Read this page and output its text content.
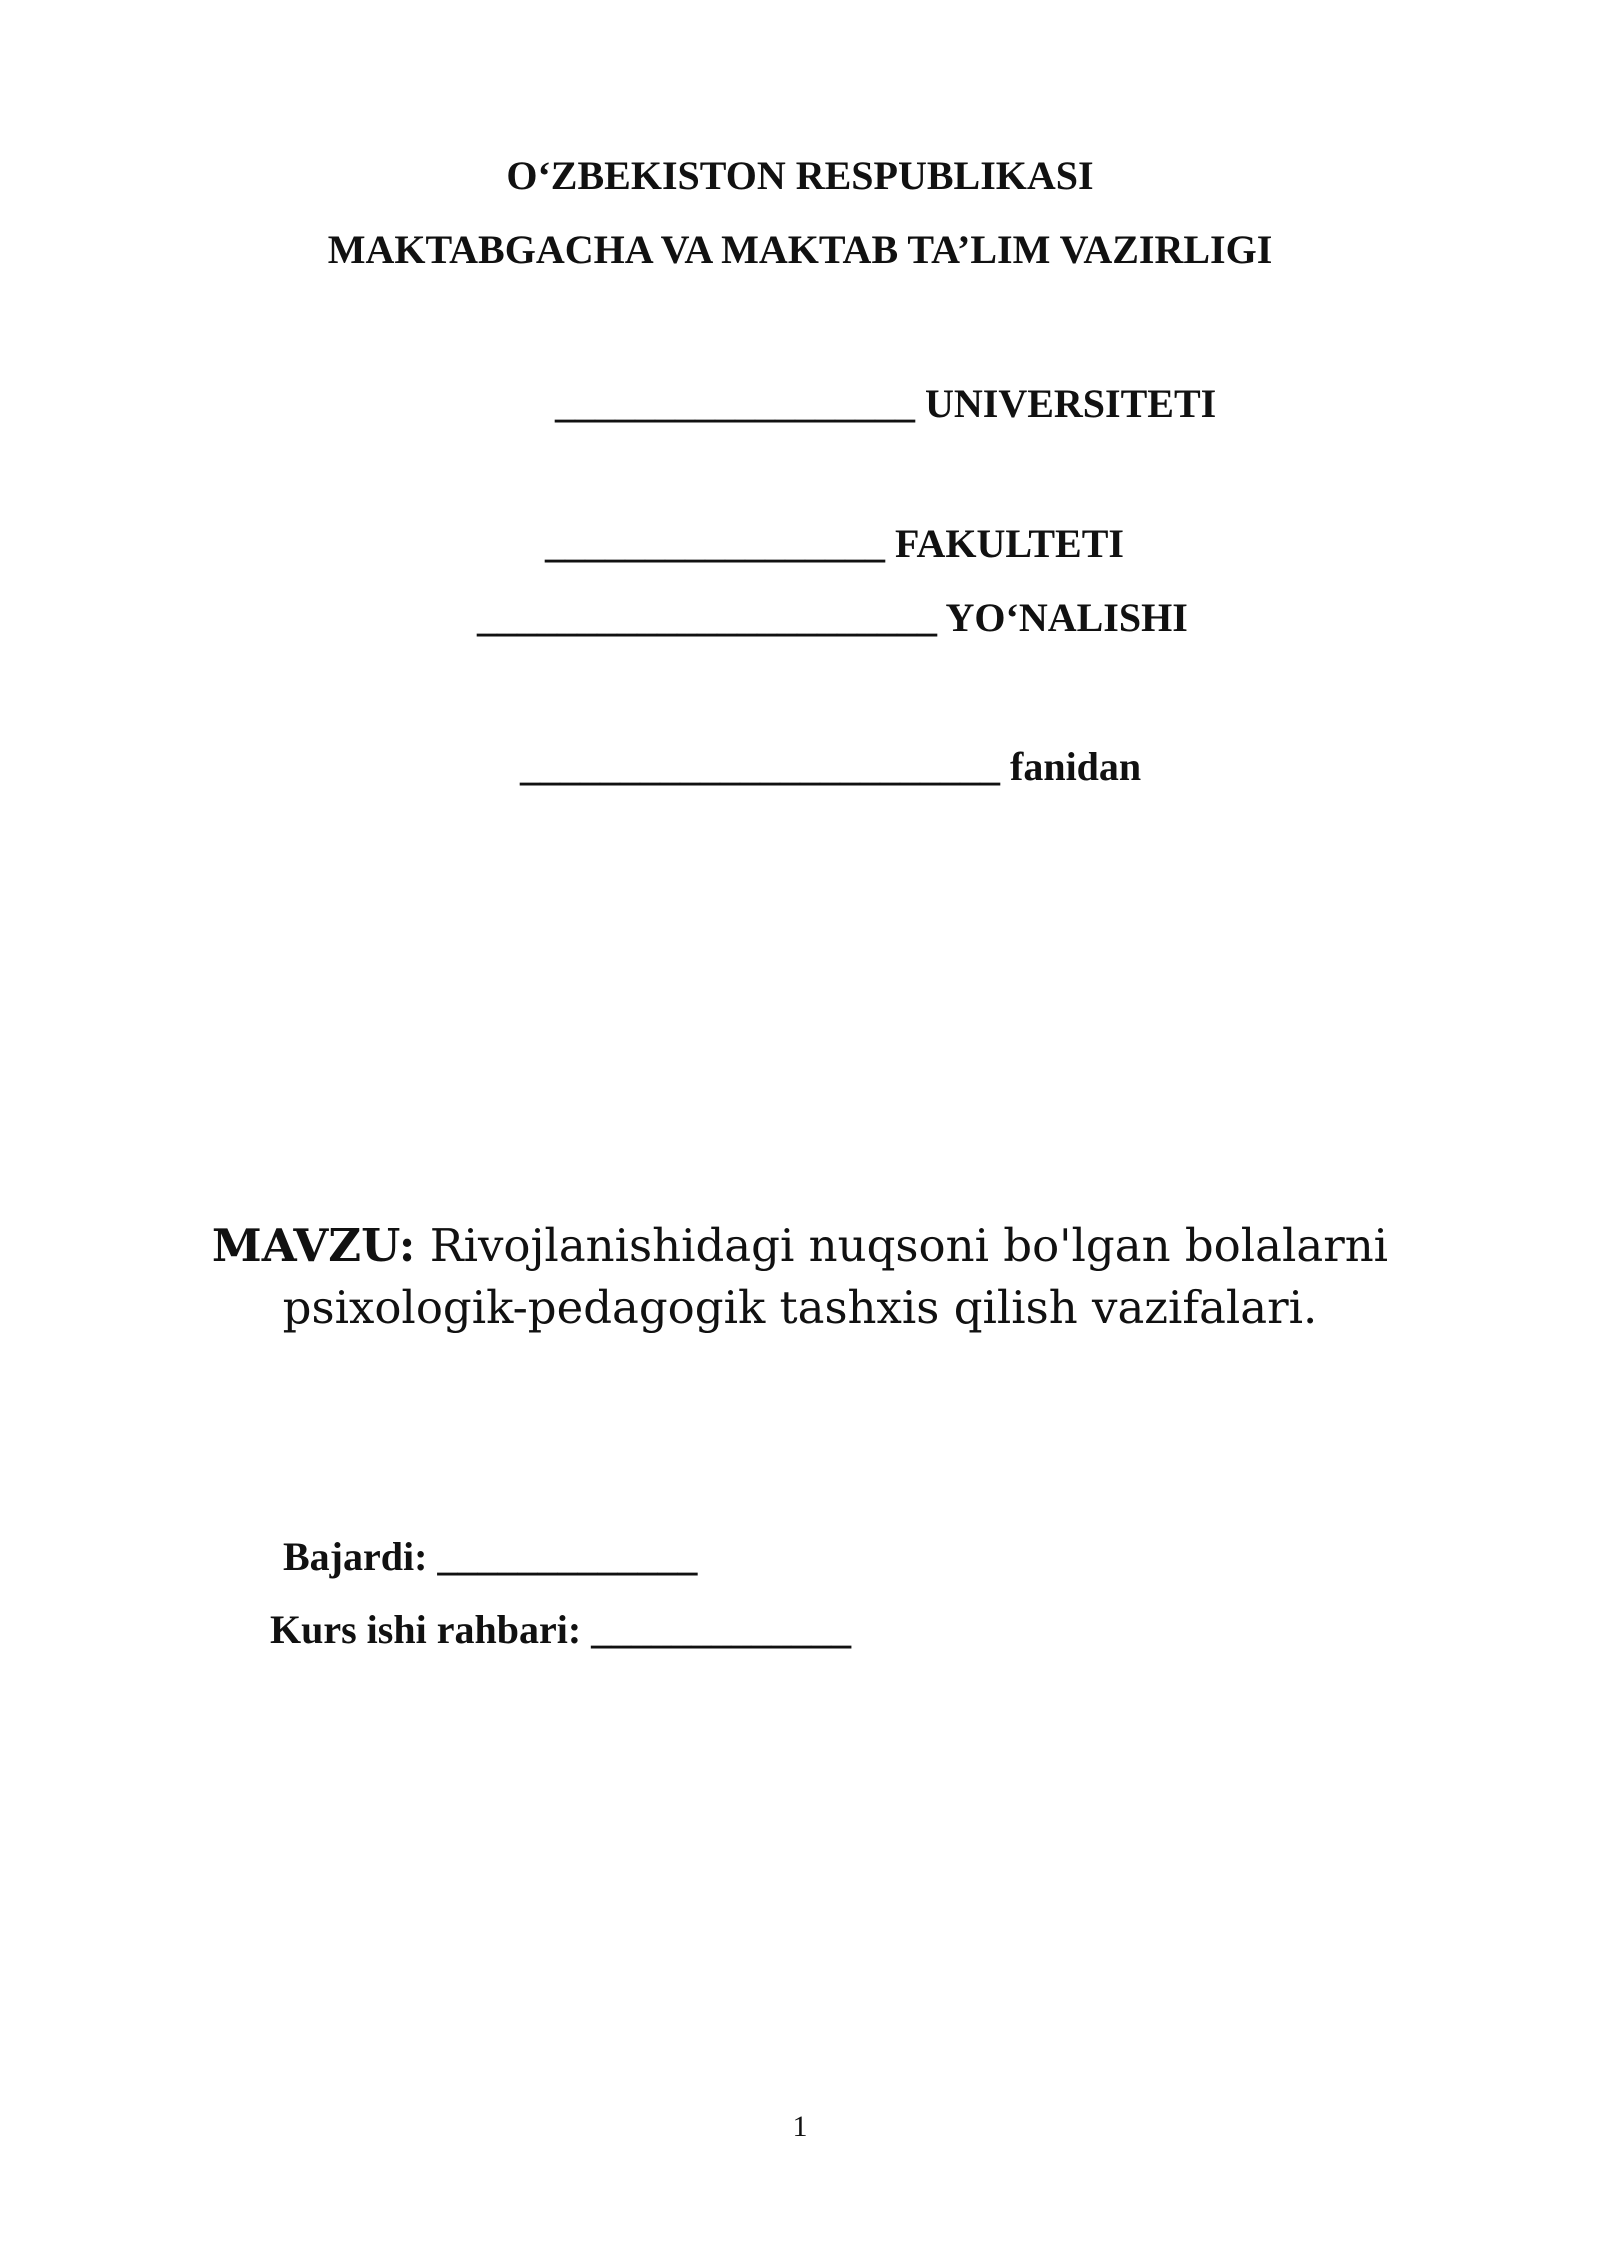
O‘ZBEKISTON RESPUBLIKASI
MAKTABGACHA VA MAKTAB TA’LIM VAZIRLIGI
__________________ UNIVERSITETI
_________________ FAKULTETI
_______________________ YO‘NALISHI
________________________ fanidan
MAVZU: Rivojlanishidagi nuqsoni bo'lgan bolalarni
psixologik-pedagogik tashxis qilish vazifalari.
Bajardi: _____________
Kurs ishi rahbari: _____________
1
